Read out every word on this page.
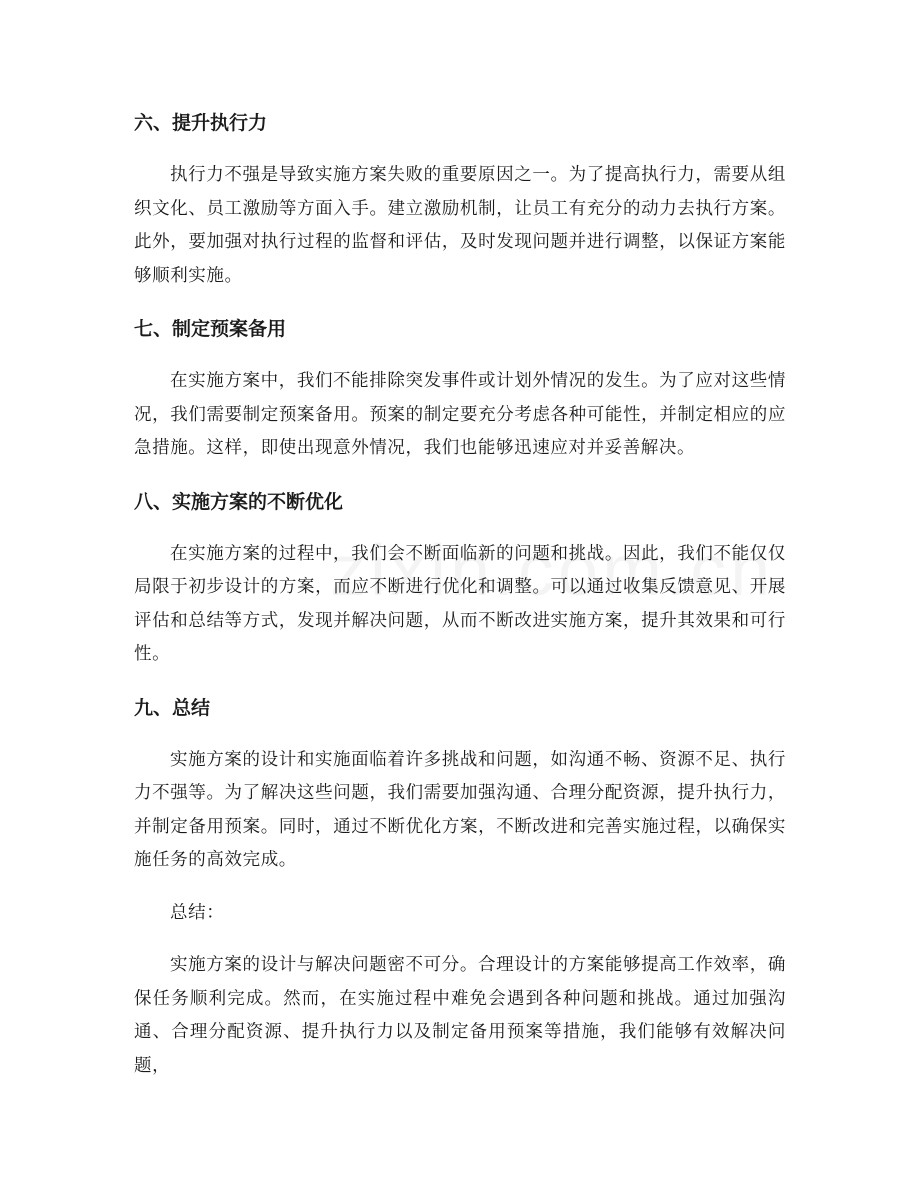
六、提升执行力

执行力不强是导致实施方案失败的重要原因之一。为了提高执行力，需要从组织文化、员工激励等方面入手。建立激励机制，让员工有充分的动力去执行方案。此外，要加强对执行过程的监督和评估，及时发现问题并进行调整，以保证方案能够顺利实施。

七、制定预案备用

在实施方案中，我们不能排除突发事件或计划外情况的发生。为了应对这些情况，我们需要制定预案备用。预案的制定要充分考虑各种可能性，并制定相应的应急措施。这样，即使出现意外情况，我们也能够迅速应对并妥善解决。

八、实施方案的不断优化

在实施方案的过程中，我们会不断面临新的问题和挑战。因此，我们不能仅仅局限于初步设计的方案，而应不断进行优化和调整。可以通过收集反馈意见、开展评估和总结等方式，发现并解决问题，从而不断改进实施方案，提升其效果和可行性。

九、总结

实施方案的设计和实施面临着许多挑战和问题，如沟通不畅、资源不足、执行力不强等。为了解决这些问题，我们需要加强沟通、合理分配资源，提升执行力，并制定备用预案。同时，通过不断优化方案，不断改进和完善实施过程，以确保实施任务的高效完成。

总结：

实施方案的设计与解决问题密不可分。合理设计的方案能够提高工作效率，确保任务顺利完成。然而，在实施过程中难免会遇到各种问题和挑战。通过加强沟通、合理分配资源、提升执行力以及制定备用预案等措施，我们能够有效解决问题，
